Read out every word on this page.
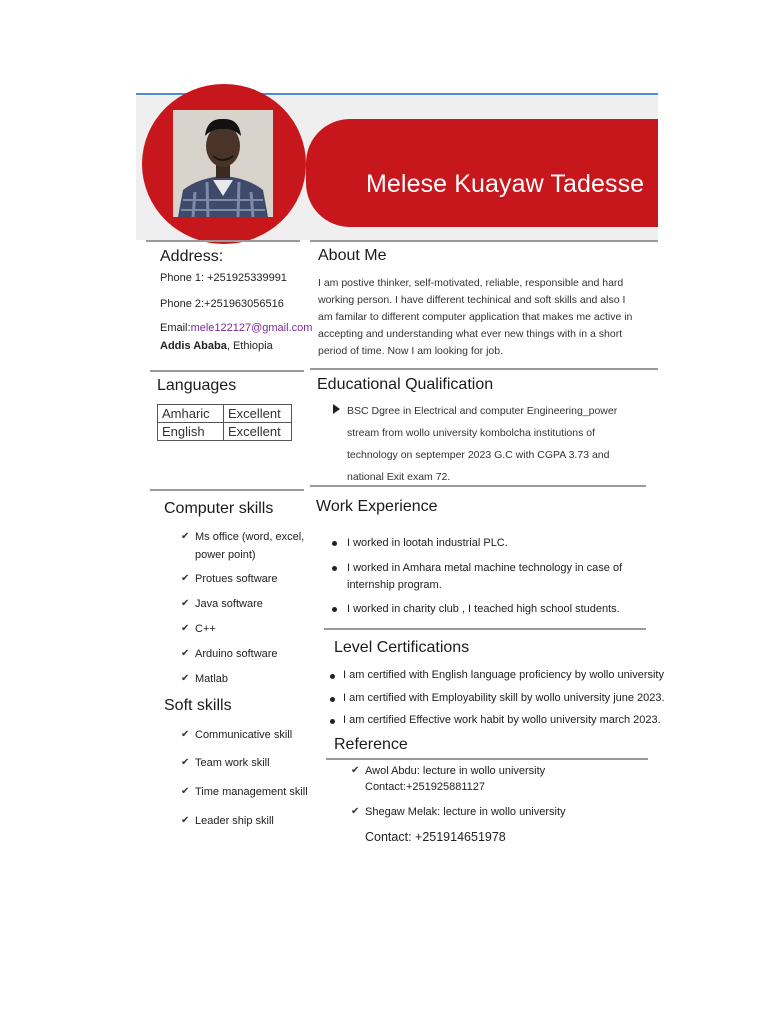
Melese Kuayaw Tadesse
Address:
Phone 1: +251925339991
Phone 2:+251963056516
Email:mele122127@gmail.com
Addis Ababa, Ethiopia
Languages
Amharic	Excellent
English	Excellent
Computer skills
✔ Ms office (word, excel,
power point)
✔ Protues software
✔ Java software
✔ C++
✔ Arduino software
✔ Matlab
Soft skills
✔ Communicative skill
✔ Team work skill
✔ Time management skill
✔ Leader ship skill
About Me
I am postive thinker, self-motivated, reliable, responsible and hard
working person. I have different techinical and soft skills and also I
am familar to different computer application that makes me active in
accepting and understanding what ever new things with in a short
period of time. Now I am looking for job.
Educational Qualification
BSC Dgree in Electrical and computer Engineering_power
stream from wollo university kombolcha institutions of
technology on septemper 2023 G.C with CGPA 3.73 and
national Exit exam 72.
Work Experience
I worked in lootah industrial PLC.
I worked in Amhara metal machine technology in case of
internship program.
I worked in charity club , I teached high school students.
Level Certifications
I am certified with English language proficiency by wollo university
I am certified with Employability skill by wollo university june 2023.
I am certified Effective work habit by wollo university march 2023.
Reference
✔ Awol Abdu: lecture in wollo university
Contact:+251925881127
✔ Shegaw Melak: lecture in wollo university
Contact: +251914651978
